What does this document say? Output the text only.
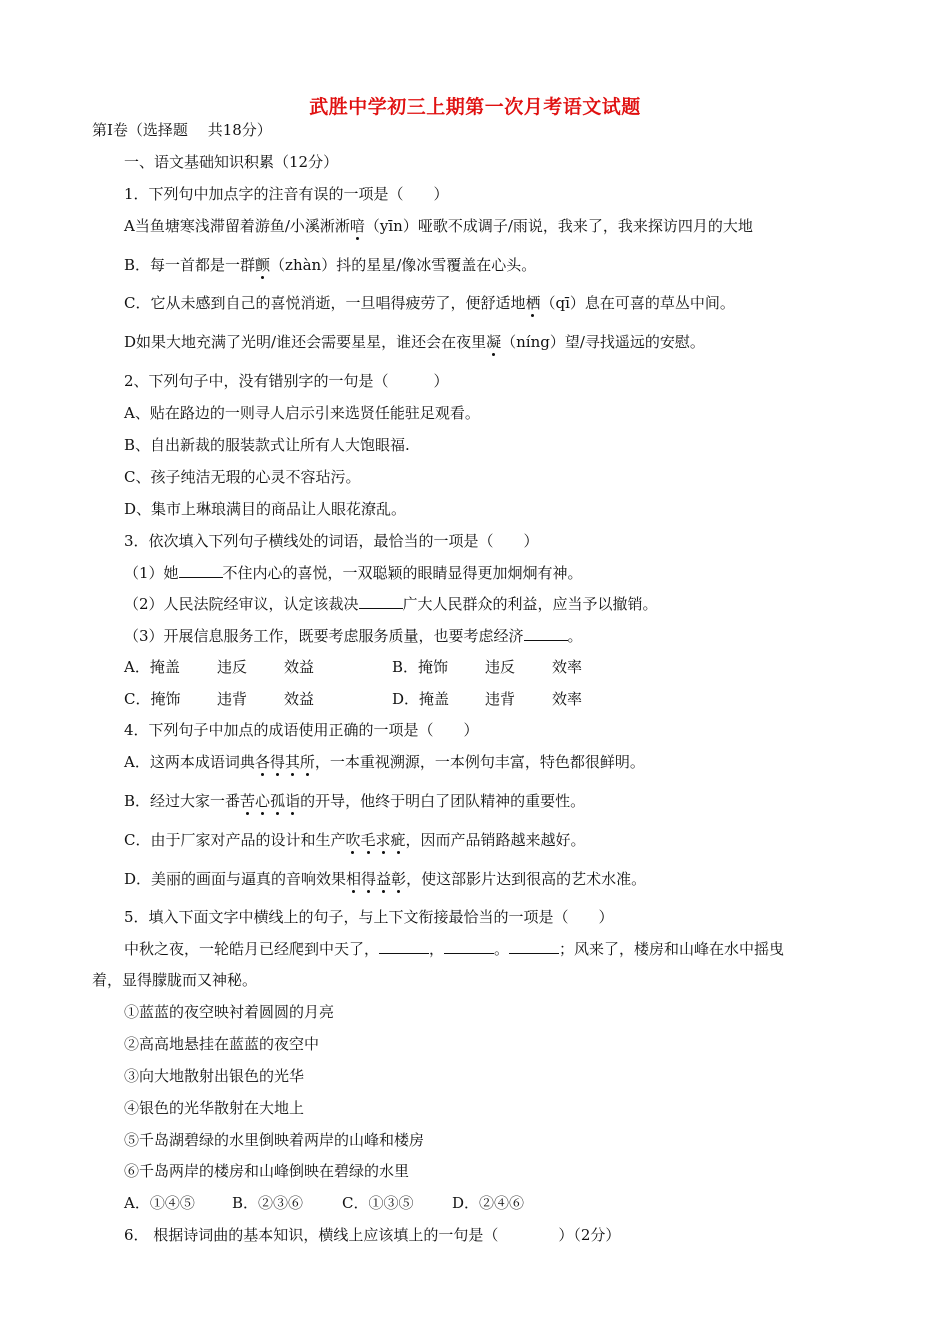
武胜中学初三上期第一次月考语文试题
第Ⅰ卷（选择题　 共18分）
一、语文基础知识积累（12分）
1．下列句中加点字的注音有误的一项是（　　）
A当鱼塘寒浅滞留着游鱼/小溪淅淅喑（yīn）哑歌不成调子/雨说，我来了，我来探访四月的大地
B．每一首都是一群颤（zhàn）抖的星星/像冰雪覆盖在心头。
C．它从未感到自己的喜悦消逝，一旦唱得疲劳了，便舒适地栖（qī）息在可喜的草丛中间。
D如果大地充满了光明/谁还会需要星星，谁还会在夜里凝（níng）望/寻找遥远的安慰。
2、下列句子中，没有错别字的一句是（　　　）
A、贴在路边的一则寻人启示引来选贤任能驻足观看。
B、自出新裁的服装款式让所有人大饱眼福.
C、孩子纯洁无瑕的心灵不容玷污。
D、集市上琳琅满目的商品让人眼花潦乱。
3．依次填入下列句子横线处的词语，最恰当的一项是（　　）
（1）她	不住内心的喜悦，一双聪颖的眼睛显得更加炯炯有神。
（2）人民法院经审议，认定该裁决	广大人民群众的利益，应当予以撤销。
（3）开展信息服务工作，既要考虑服务质量，也要考虑经济	。
A．掩盖 违反 效益	B．掩饰 违反 效率
C．掩饰 违背 效益	D．掩盖 违背 效率
4．下列句子中加点的成语使用正确的一项是（　　）
A．这两本成语词典各得其所，一本重视溯源，一本例句丰富，特色都很鲜明。
B．经过大家一番苦心孤诣的开导，他终于明白了团队精神的重要性。
C．由于厂家对产品的设计和生产吹毛求疵，因而产品销路越来越好。
D．美丽的画面与逼真的音响效果相得益彰，使这部影片达到很高的艺术水准。
5．填入下面文字中横线上的句子，与上下文衔接最恰当的一项是（　　）
中秋之夜，一轮皓月已经爬到中天了，	，	。	；风来了，楼房和山峰在水中摇曳
着，显得朦胧而又神秘。
①蓝蓝的夜空映衬着圆圆的月亮
②高高地悬挂在蓝蓝的夜空中
③向大地散射出银色的光华
④银色的光华散射在大地上
⑤千岛湖碧绿的水里倒映着两岸的山峰和楼房
⑥千岛两岸的楼房和山峰倒映在碧绿的水里
A．①④⑤ B．②③⑥	C．①③⑤	D．②④⑥
6． 根据诗词曲的基本知识，横线上应该填上的一句是（　　　　）（2分）
